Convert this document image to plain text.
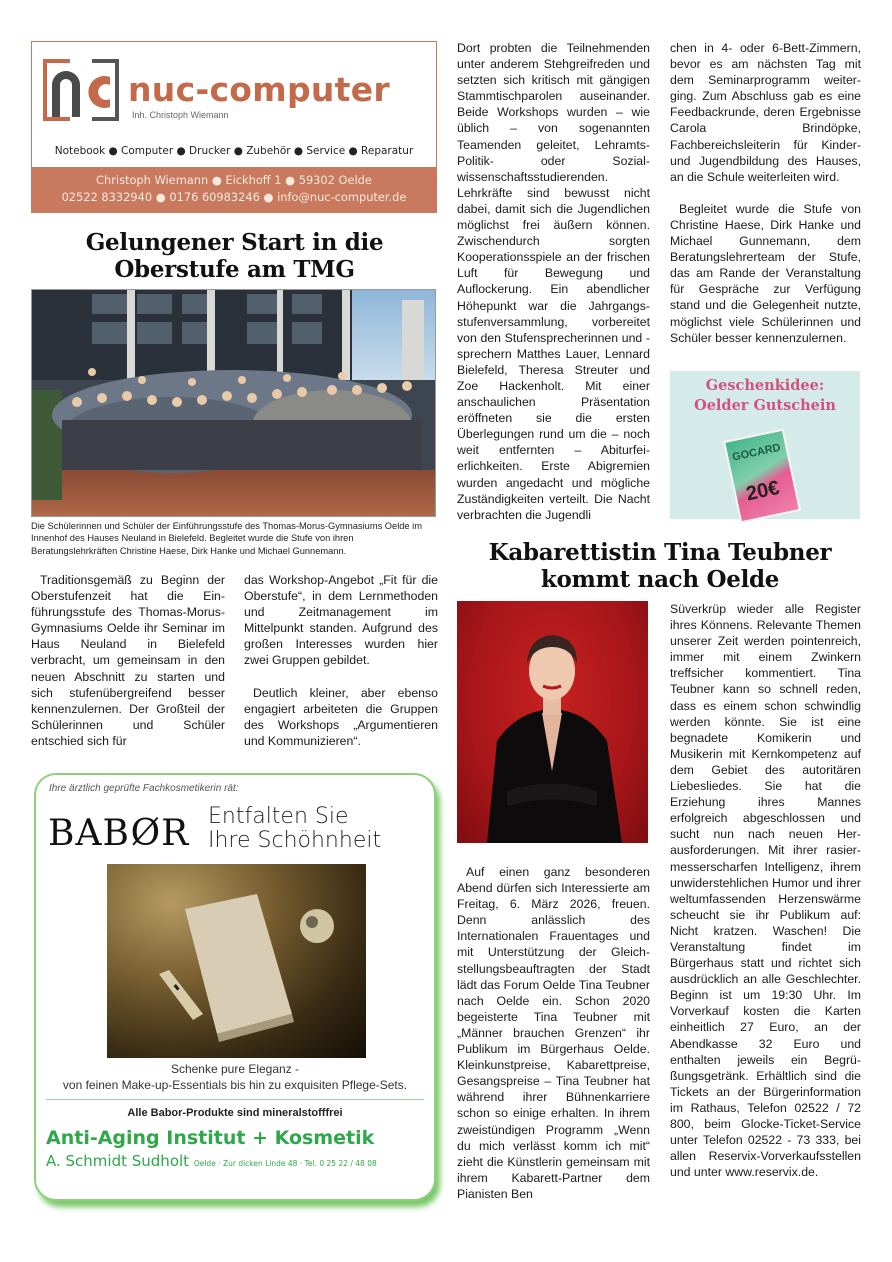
nuc-computer
Inh. Christoph Wiemann
Notebook ● Computer ● Drucker ● Zubehör ● Service ● Reparatur
Christoph Wiemann ● Eickhoff 1 ● 59302 Oelde
02522 8332940 ● 0176 60983246 ● info@nuc-computer.de
Gelungener Start in die
Oberstufe am TMG
Die Schülerinnen und Schüler der Einführungsstufe des Thomas-Morus-Gymnasiums Oelde im Innenhof des Hauses Neuland in Bielefeld. Begleitet wurde die Stufe von ihren Beratungslehrkräften Christine Haese, Dirk Hanke und Michael Gunnemann.

Traditionsgemäß zu Beginn der Oberstufenzeit hat die Einführungsstufe des Thomas-Morus-Gymnasiums Oelde ihr Seminar im Haus Neuland in Bielefeld verbracht, um gemeinsam in den neuen Abschnitt zu starten und sich stufenübergreifend besser kennenzulernen. Der Großteil der Schülerinnen und Schüler entschied sich für

das Workshop-Angebot „Fit für die Oberstufe“, in dem Lernmethoden und Zeitmanagement im Mittelpunkt standen. Aufgrund des großen Interesses wurden hier zwei Gruppen gebildet.

Deutlich kleiner, aber ebenso engagiert arbeiteten die Gruppen des Workshops „Argumentieren und Kommunizieren“.

Dort probten die Teilnehmenden unter anderem Stehgreifreden und setzten sich kritisch mit gängigen Stammtischparolen auseinander. Beide Workshops wurden – wie üblich – von sogenannten Teamenden geleitet, Lehramts- Politik- oder Sozialwissenschaftsstudierenden. Lehrkräfte sind bewusst nicht dabei, damit sich die Jugendlichen möglichst frei äußern können. Zwischendurch sorgten Kooperationsspiele an der frischen Luft für Bewegung und Auflockerung. Ein abendlicher Höhepunkt war die Jahrgangsstufenversammlung, vorbereitet von den Stufensprecherinnen und -sprechern Matthes Lauer, Lennard Bielefeld, Theresa Streuter und Zoe Hackenholt. Mit einer anschaulichen Präsentation eröffneten sie die ersten Überlegungen rund um die – noch weit entfernten – Abiturfeierlichkeiten. Erste Abigremien wurden angedacht und mögliche Zuständigkeiten verteilt. Die Nacht verbrachten die Jugendli

chen in 4- oder 6-Bett-Zimmern, bevor es am nächsten Tag mit dem Seminarprogramm weiterging. Zum Abschluss gab es eine Feedbackrunde, deren Ergebnisse Carola Brindöpke, Fachbereichsleiterin für Kinder- und Jugendbildung des Hauses, an die Schule weiterleiten wird.

Begleitet wurde die Stufe von Christine Haese, Dirk Hanke und Michael Gunnemann, dem Beratungslehrerteam der Stufe, das am Rande der Veranstaltung für Gespräche zur Verfügung stand und die Gelegenheit nutzte, möglichst viele Schülerinnen und Schüler besser kennenzulernen.

Geschenkidee:
Oelder Gutschein
GOCARD
20€
Kabarettistin Tina Teubner
kommt nach Oelde

Auf einen ganz besonderen Abend dürfen sich Interessierte am Freitag, 6. März 2026, freuen. Denn anlässlich des Internationalen Frauentages und mit Unterstützung der Gleichstellungsbeauftragten der Stadt lädt das Forum Oelde Tina Teubner nach Oelde ein. Schon 2020 begeisterte Tina Teubner mit „Männer brauchen Grenzen“ ihr Publikum im Bürgerhaus Oelde. Kleinkunstpreise, Kabarettpreise, Gesangspreise – Tina Teubner hat während ihrer Bühnenkarriere schon so einige erhalten. In ihrem zweistündigen Programm „Wenn du mich verlässt komm ich mit“ zieht die Künstlerin gemeinsam mit ihrem Kabarett-Partner dem Pianisten Ben

Süverkrüp wieder alle Register ihres Könnens. Relevante Themen unserer Zeit werden pointenreich, immer mit einem Zwinkern treffsicher kommentiert. Tina Teubner kann so schnell reden, dass es einem schon schwindlig werden könnte. Sie ist eine begnadete Komikerin und Musikerin mit Kernkompetenz auf dem Gebiet des autoritären Liebesliedes. Sie hat die Erziehung ihres Mannes erfolgreich abgeschlossen und sucht nun nach neuen Herausforderungen. Mit ihrer rasiermesserscharfen Intelligenz, ihrem unwiderstehlichen Humor und ihrer weltumfassenden Herzenswärme scheucht sie ihr Publikum auf: Nicht kratzen. Waschen! Die Veranstaltung findet im Bürgerhaus statt und richtet sich ausdrücklich an alle Geschlechter. Beginn ist um 19:30 Uhr. Im Vorverkauf kosten die Karten einheitlich 27 Euro, an der Abendkasse 32 Euro und enthalten jeweils ein Begrüßungsgetränk. Erhältlich sind die Tickets an der Bürgerinformation im Rathaus, Telefon 02522 / 72 800, beim Glocke-Ticket-Service unter Telefon 02522 - 73 333, bei allen Reservix-Vorverkaufsstellen und unter www.reservix.de.

Ihre ärztlich geprüfte Fachkosmetikerin rät:
BABØR Entfalten Sie
Ihre Schöhnheit
Schenke pure Eleganz -
von feinen Make-up-Essentials bis hin zu exquisiten Pflege-Sets.
Alle Babor-Produkte sind mineralstofffrei
Anti-Aging Institut + Kosmetik
A. Schmidt Sudholt Oelde · Zur dicken Linde 48 · Tel. 0 25 22 / 48 08
